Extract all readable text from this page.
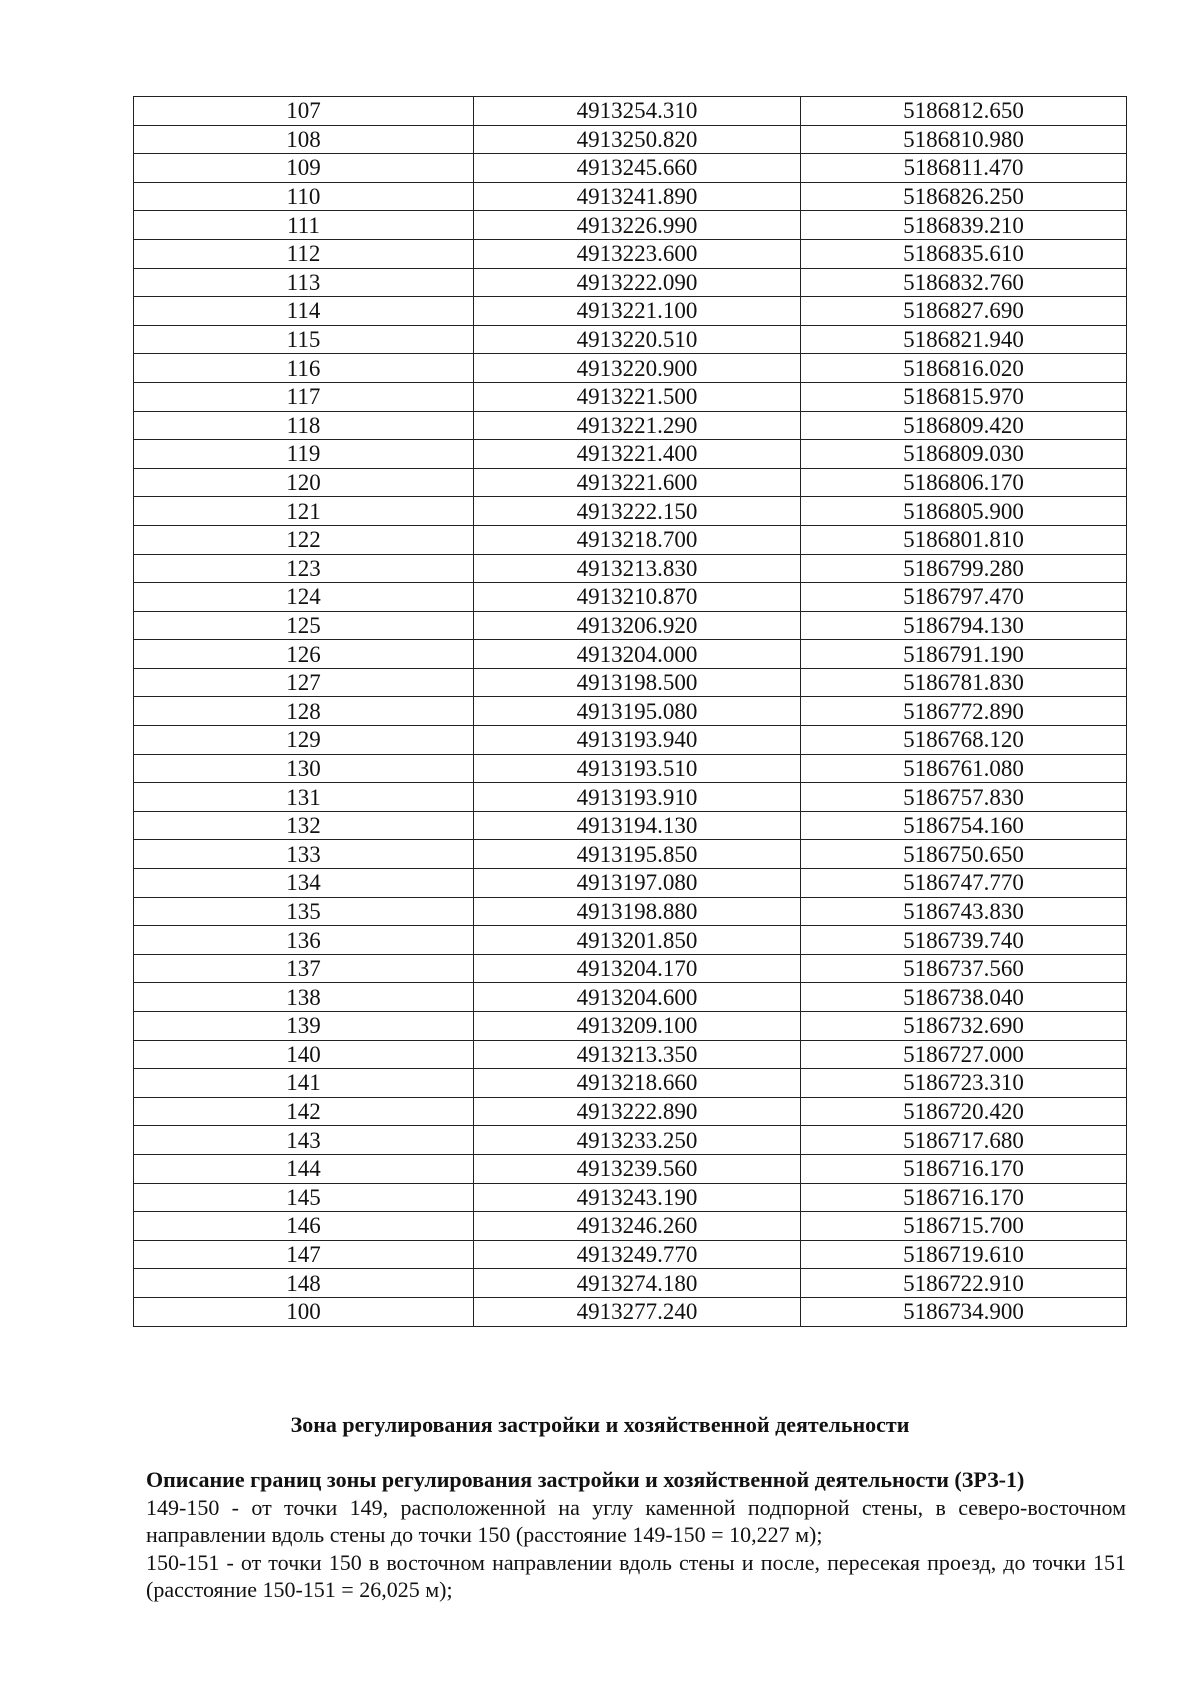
107	4913254.310	5186812.650
108	4913250.820	5186810.980
109	4913245.660	5186811.470
110	4913241.890	5186826.250
111	4913226.990	5186839.210
112	4913223.600	5186835.610
113	4913222.090	5186832.760
114	4913221.100	5186827.690
115	4913220.510	5186821.940
116	4913220.900	5186816.020
117	4913221.500	5186815.970
118	4913221.290	5186809.420
119	4913221.400	5186809.030
120	4913221.600	5186806.170
121	4913222.150	5186805.900
122	4913218.700	5186801.810
123	4913213.830	5186799.280
124	4913210.870	5186797.470
125	4913206.920	5186794.130
126	4913204.000	5186791.190
127	4913198.500	5186781.830
128	4913195.080	5186772.890
129	4913193.940	5186768.120
130	4913193.510	5186761.080
131	4913193.910	5186757.830
132	4913194.130	5186754.160
133	4913195.850	5186750.650
134	4913197.080	5186747.770
135	4913198.880	5186743.830
136	4913201.850	5186739.740
137	4913204.170	5186737.560
138	4913204.600	5186738.040
139	4913209.100	5186732.690
140	4913213.350	5186727.000
141	4913218.660	5186723.310
142	4913222.890	5186720.420
143	4913233.250	5186717.680
144	4913239.560	5186716.170
145	4913243.190	5186716.170
146	4913246.260	5186715.700
147	4913249.770	5186719.610
148	4913274.180	5186722.910
100	4913277.240	5186734.900
Зона регулирования застройки и хозяйственной деятельности
Описание границ зоны регулирования застройки и хозяйственной деятельности (ЗРЗ-1)

149-150 - от точки 149, расположенной на углу каменной подпорной стены, в северо-восточном направлении вдоль стены до точки 150 (расстояние 149-150 = 10,227 м);

150-151 - от точки 150 в восточном направлении вдоль стены и после, пересекая проезд, до точки 151 (расстояние 150-151 = 26,025 м);
